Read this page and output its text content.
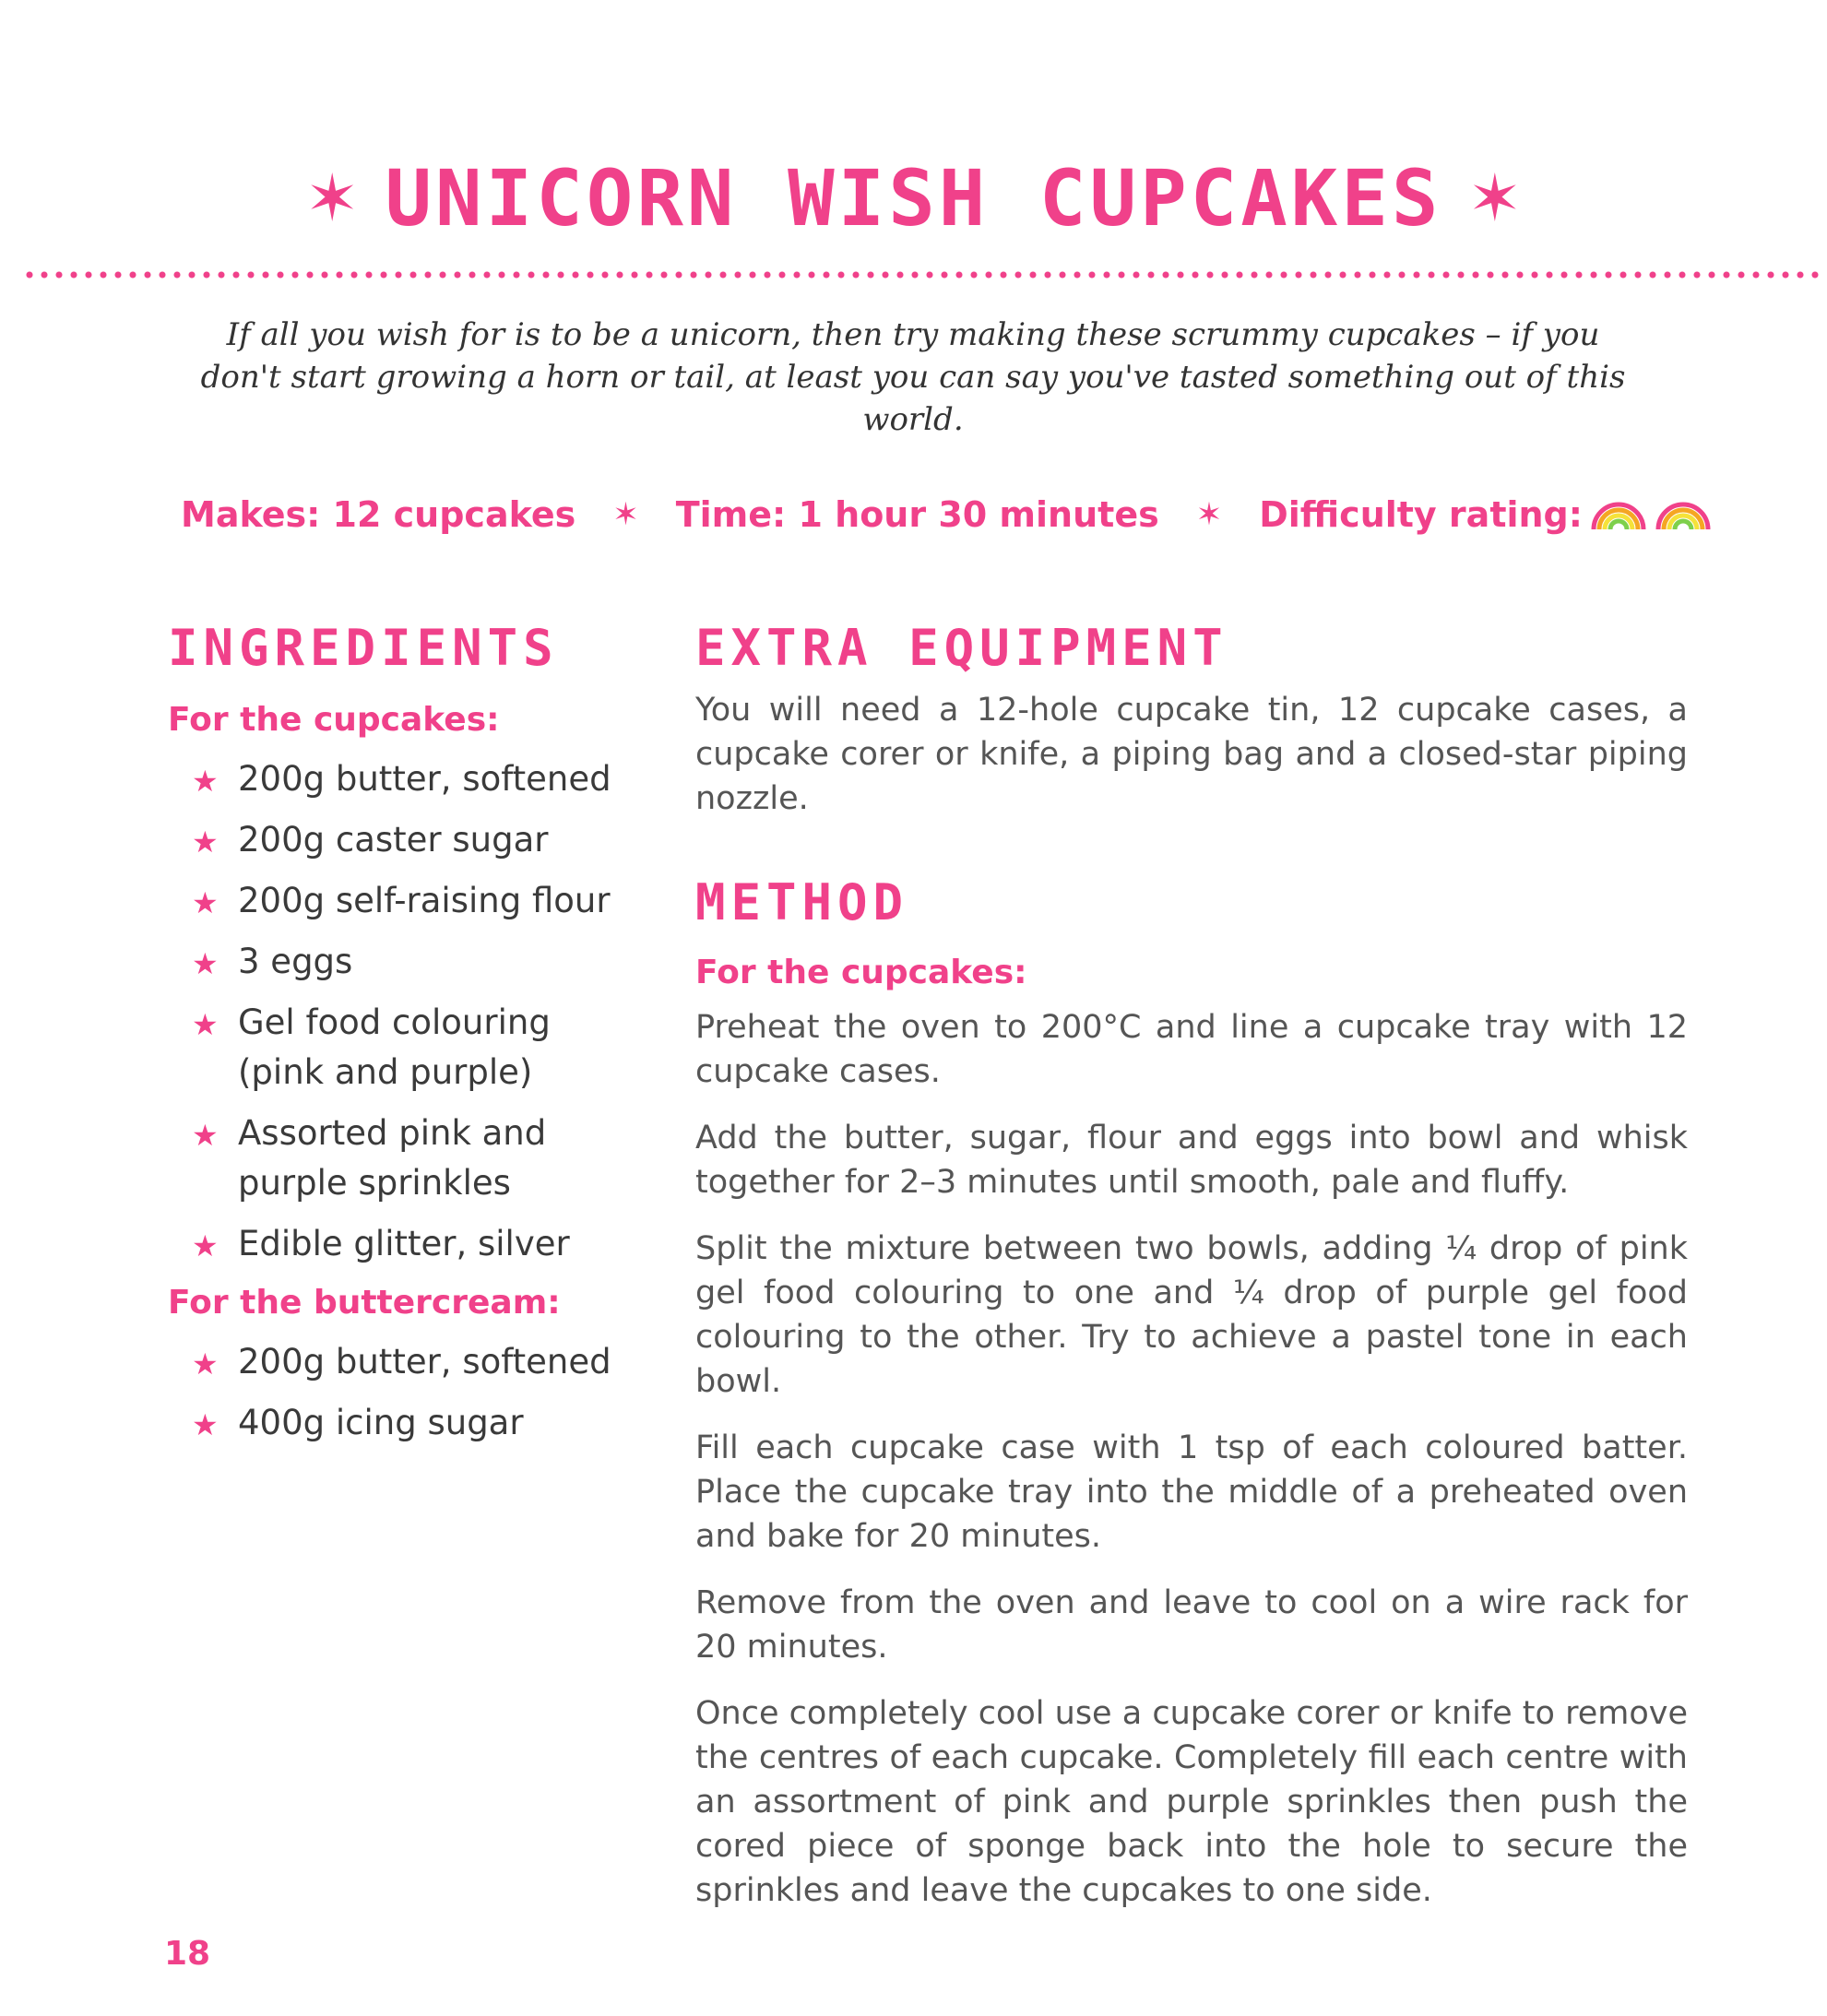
✶ UNICORN WISH CUPCAKES ✶

If all you wish for is to be a unicorn, then try making these scrummy cupcakes – if you don't start growing a horn or tail, at least you can say you've tasted something out of this world.

Makes: 12 cupcakes ✶ Time: 1 hour 30 minutes ✶ Difficulty rating:
INGREDIENTS
For the cupcakes:
★ 200g butter, softened
★ 200g caster sugar
★ 200g self-raising flour
★ 3 eggs
★ Gel food colouring (pink and purple)
★ Assorted pink and purple sprinkles
★ Edible glitter, silver
For the buttercream:
★ 200g butter, softened
★ 400g icing sugar
EXTRA EQUIPMENT

You will need a 12-hole cupcake tin, 12 cupcake cases, a cupcake corer or knife, a piping bag and a closed-star piping nozzle.

METHOD
For the cupcakes:

Preheat the oven to 200°C and line a cupcake tray with 12 cupcake cases.

Add the butter, sugar, flour and eggs into bowl and whisk together for 2–3 minutes until smooth, pale and fluffy.

Split the mixture between two bowls, adding ¼ drop of pink gel food colouring to one and ¼ drop of purple gel food colouring to the other. Try to achieve a pastel tone in each bowl.

Fill each cupcake case with 1 tsp of each coloured batter. Place the cupcake tray into the middle of a preheated oven and bake for 20 minutes.

Remove from the oven and leave to cool on a wire rack for 20 minutes.

Once completely cool use a cupcake corer or knife to remove the centres of each cupcake. Completely fill each centre with an assortment of pink and purple sprinkles then push the cored piece of sponge back into the hole to secure the sprinkles and leave the cupcakes to one side.

18
